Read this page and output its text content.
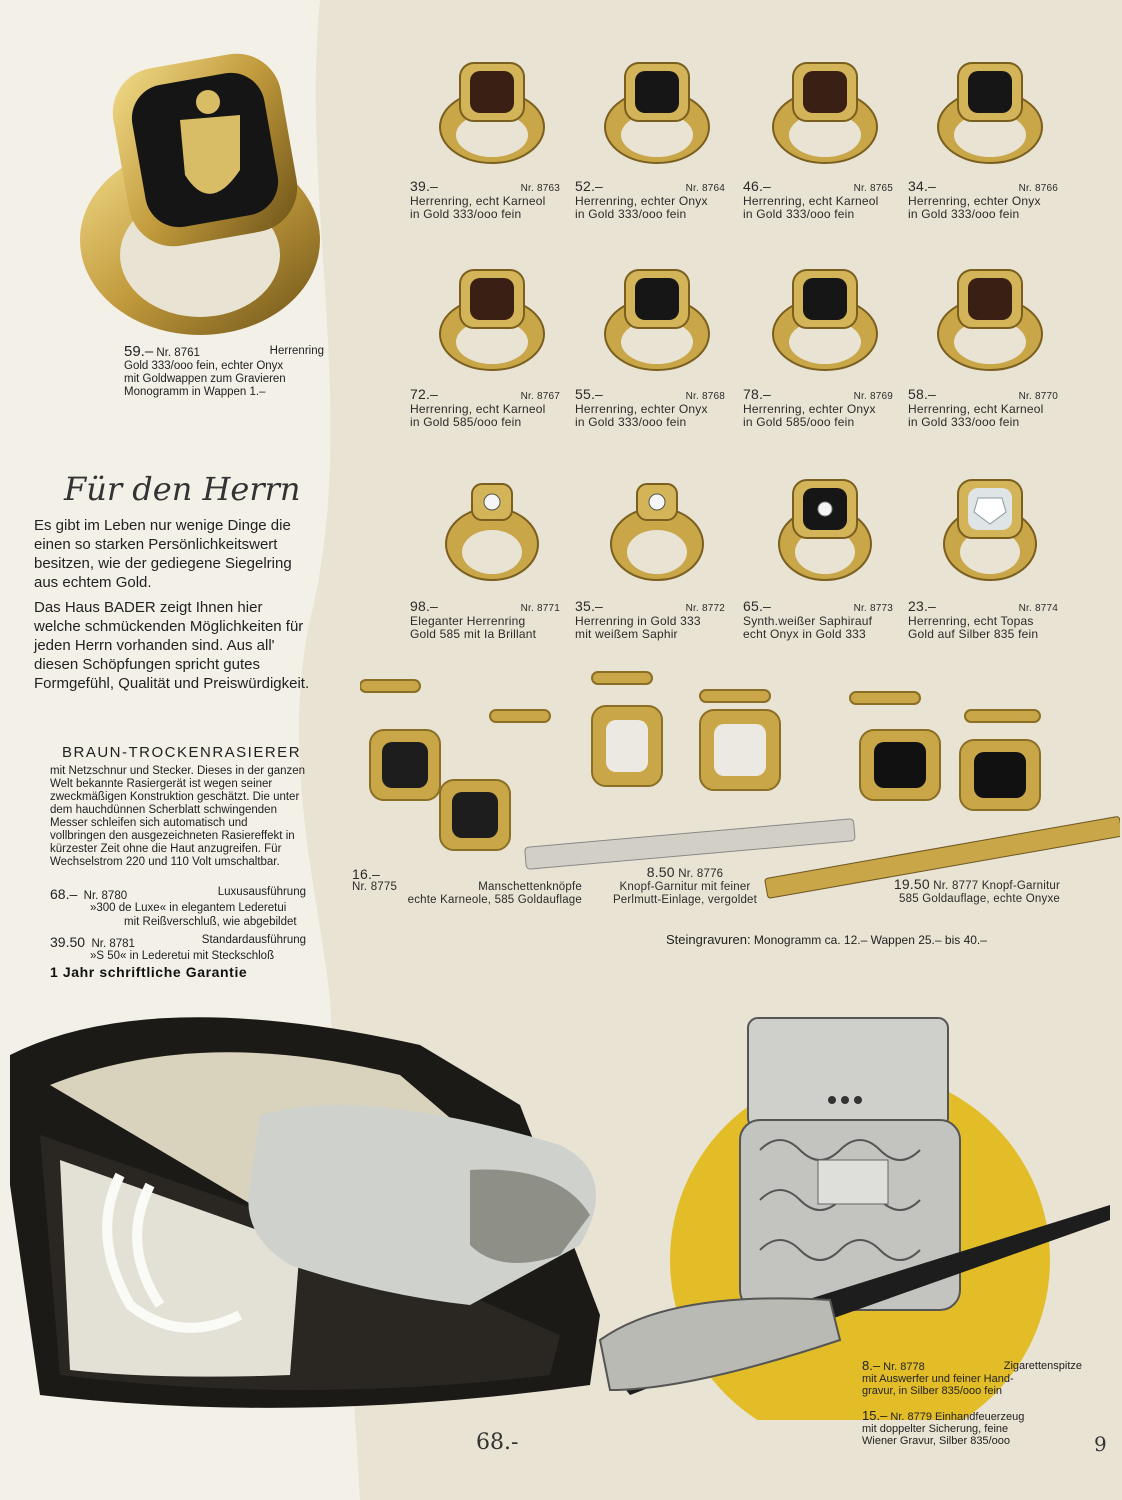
59.– Nr. 8761	Herrenring
Gold 333/ooo fein, echter Onyx
mit Goldwappen zum Gravieren
Monogramm in Wappen 1.–
39.–	Nr. 8763
Herrenring, echt Karneol
in Gold 333/ooo fein
52.–	Nr. 8764
Herrenring, echter Onyx
in Gold 333/ooo fein
46.–	Nr. 8765
Herrenring, echt Karneol
in Gold 333/ooo fein
34.–	Nr. 8766
Herrenring, echter Onyx
in Gold 333/ooo fein
72.–	Nr. 8767
Herrenring, echt Karneol
in Gold 585/ooo fein
55.–	Nr. 8768
Herrenring, echter Onyx
in Gold 333/ooo fein
78.–	Nr. 8769
Herrenring, echter Onyx
in Gold 585/ooo fein
58.–	Nr. 8770
Herrenring, echt Karneol
in Gold 333/ooo fein
98.–	Nr. 8771
Eleganter Herrenring
Gold 585 mit Ia Brillant
35.–	Nr. 8772
Herrenring in Gold 333
mit weißem Saphir
65.–	Nr. 8773
Synth.weißer Saphirauf
echt Onyx in Gold 333
23.–	Nr. 8774
Herrenring, echt Topas
Gold auf Silber 835 fein
Für den Herrn
Es gibt im Leben nur wenige Dinge die einen so starken Persönlichkeitswert besitzen, wie der gediegene Siegelring aus echtem Gold.
Das Haus BADER zeigt Ihnen hier welche schmückenden Möglichkeiten für jeden Herrn vorhanden sind. Aus all' diesen Schöpfungen spricht gutes Formgefühl, Qualität und Preiswürdigkeit.
BRAUN-TROCKENRASIERER
mit Netzschnur und Stecker. Dieses in der ganzen Welt bekannte Rasiergerät ist wegen seiner zweckmäßigen Konstruktion geschätzt. Die unter dem hauchdünnen Scherblatt schwingenden Messer schleifen sich automatisch und vollbringen den ausgezeichneten Rasiereffekt in kürzester Zeit ohne die Haut anzugreifen. Für Wechselstrom 220 und 110 Volt umschaltbar.
68.– Nr. 8780	Luxusausführung
»300 de Luxe« in elegantem Lederetui
mit Reißverschluß, wie abgebildet
39.50 Nr. 8781	Standardausführung
»S 50« in Lederetui mit Steckschloß
1 Jahr schriftliche Garantie
68.-
16.–
Nr. 8775	Manschettenknöpfe
echte Karneole, 585 Goldauflage
8.50 Nr. 8776
Knopf-Garnitur mit feiner
Perlmutt-Einlage, vergoldet
19.50 Nr. 8777 Knopf-Garnitur
585 Goldauflage, echte Onyxe
Steingravuren: Monogramm ca. 12.– Wappen 25.– bis 40.–
8.– Nr. 8778	Zigarettenspitze
mit Auswerfer und feiner Hand-
gravur, in Silber 835/ooo fein
15.– Nr. 8779 Einhandfeuerzeug
mit doppelter Sicherung, feine
Wiener Gravur, Silber 835/ooo	9
